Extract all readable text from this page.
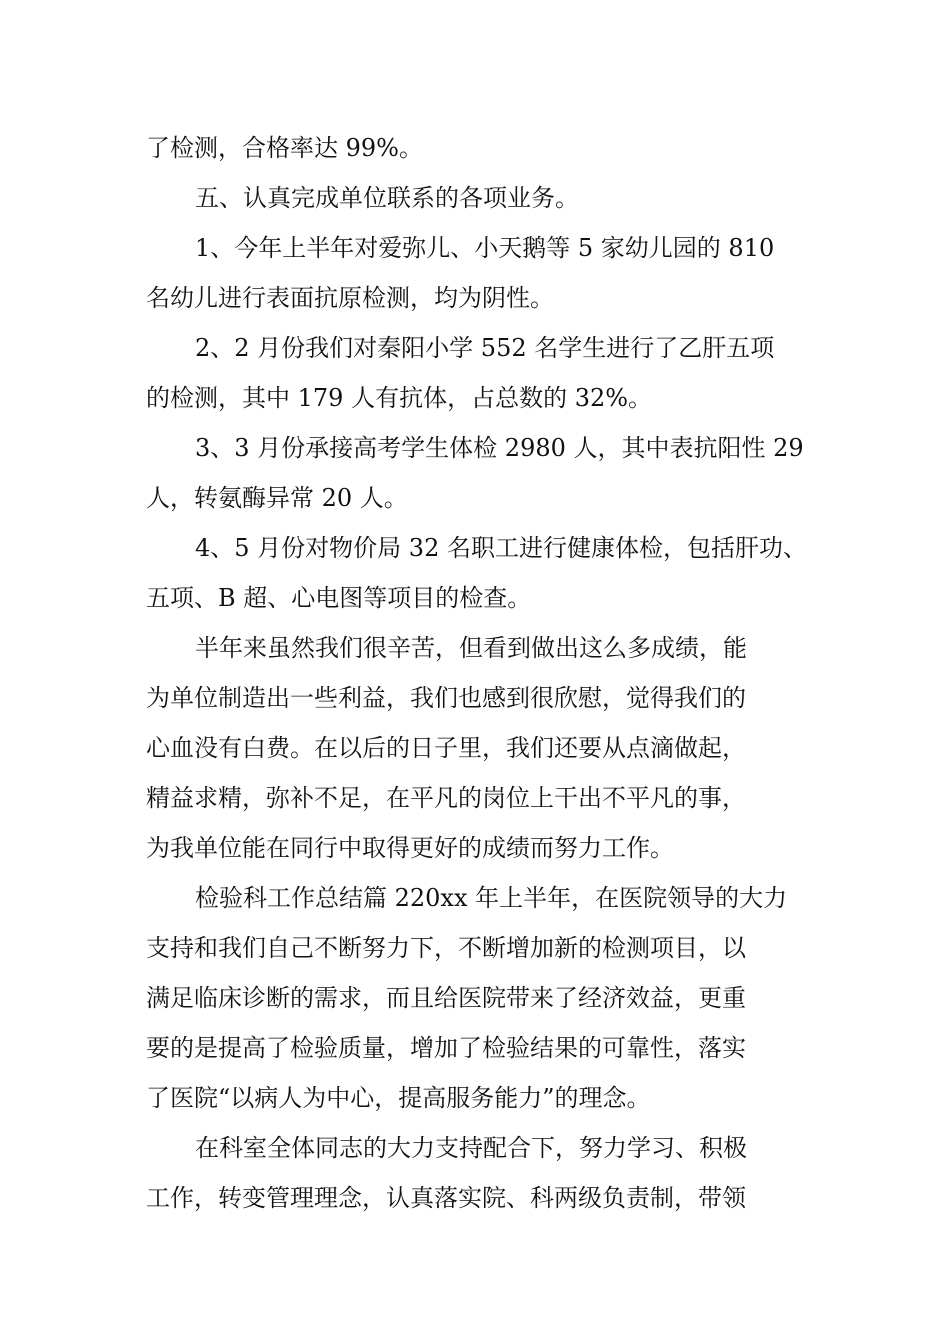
了检测，合格率达 99%。
五、认真完成单位联系的各项业务。
1、今年上半年对爱弥儿、小天鹅等 5 家幼儿园的 810
名幼儿进行表面抗原检测，均为阴性。
2、2 月份我们对秦阳小学 552 名学生进行了乙肝五项
的检测，其中 179 人有抗体，占总数的 32%。
3、3 月份承接高考学生体检 2980 人，其中表抗阳性 29
人，转氨酶异常 20 人。
4、5 月份对物价局 32 名职工进行健康体检，包括肝功、
五项、B 超、心电图等项目的检查。
半年来虽然我们很辛苦，但看到做出这么多成绩，能
为单位制造出一些利益，我们也感到很欣慰，觉得我们的
心血没有白费。在以后的日子里，我们还要从点滴做起，
精益求精，弥补不足，在平凡的岗位上干出不平凡的事，
为我单位能在同行中取得更好的成绩而努力工作。
检验科工作总结篇 220xx 年上半年，在医院领导的大力
支持和我们自己不断努力下，不断增加新的检测项目，以
满足临床诊断的需求，而且给医院带来了经济效益，更重
要的是提高了检验质量，增加了检验结果的可靠性，落实
了医院“以病人为中心，提高服务能力”的理念。
在科室全体同志的大力支持配合下，努力学习、积极
工作，转变管理理念，认真落实院、科两级负责制，带领
